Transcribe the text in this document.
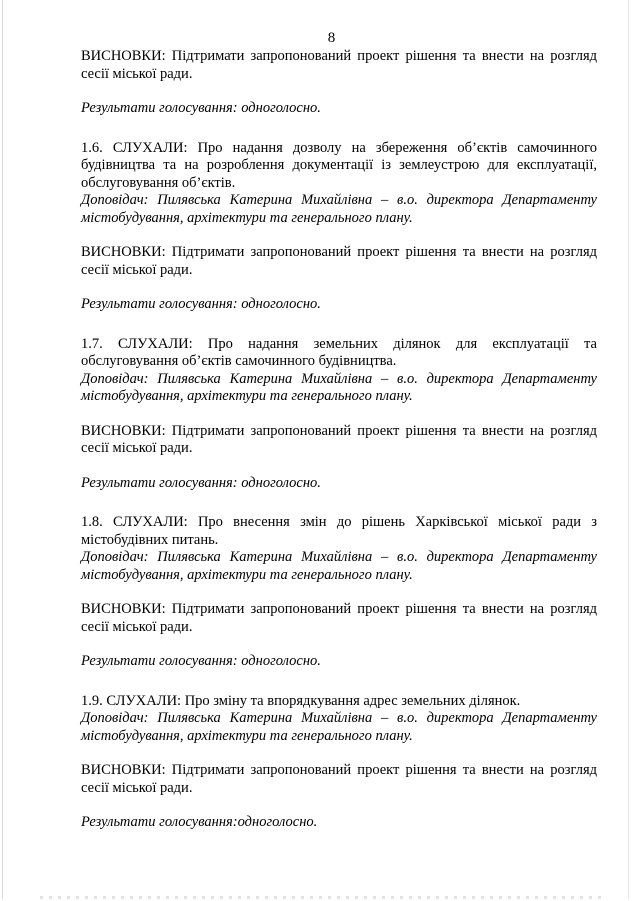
8

ВИСНОВКИ: Підтримати запропонований проект рішення та внести на розгляд сесії міської ради.

Результати голосування: одноголосно.

1.6. СЛУХАЛИ: Про надання дозволу на збереження об’єктів самочинного будівництва та на розроблення документації із землеустрою для експлуатації, обслуговування об’єктів.

Доповідач: Пилявська Катерина Михайлівна – в.о. директора Департаменту містобудування, архітектури та генерального плану.

ВИСНОВКИ: Підтримати запропонований проект рішення та внести на розгляд сесії міської ради.

Результати голосування: одноголосно.

1.7. СЛУХАЛИ: Про надання земельних ділянок для експлуатації та обслуговування об’єктів самочинного будівництва.

Доповідач: Пилявська Катерина Михайлівна – в.о. директора Департаменту містобудування, архітектури та генерального плану.

ВИСНОВКИ: Підтримати запропонований проект рішення та внести на розгляд сесії міської ради.

Результати голосування: одноголосно.

1.8. СЛУХАЛИ: Про внесення змін до рішень Харківської міської ради з містобудівних питань.

Доповідач: Пилявська Катерина Михайлівна – в.о. директора Департаменту містобудування, архітектури та генерального плану.

ВИСНОВКИ: Підтримати запропонований проект рішення та внести на розгляд сесії міської ради.

Результати голосування: одноголосно.

1.9. СЛУХАЛИ: Про зміну та впорядкування адрес земельних ділянок.

Доповідач: Пилявська Катерина Михайлівна – в.о. директора Департаменту містобудування, архітектури та генерального плану.

ВИСНОВКИ: Підтримати запропонований проект рішення та внести на розгляд сесії міської ради.

Результати голосування:одноголосно.
